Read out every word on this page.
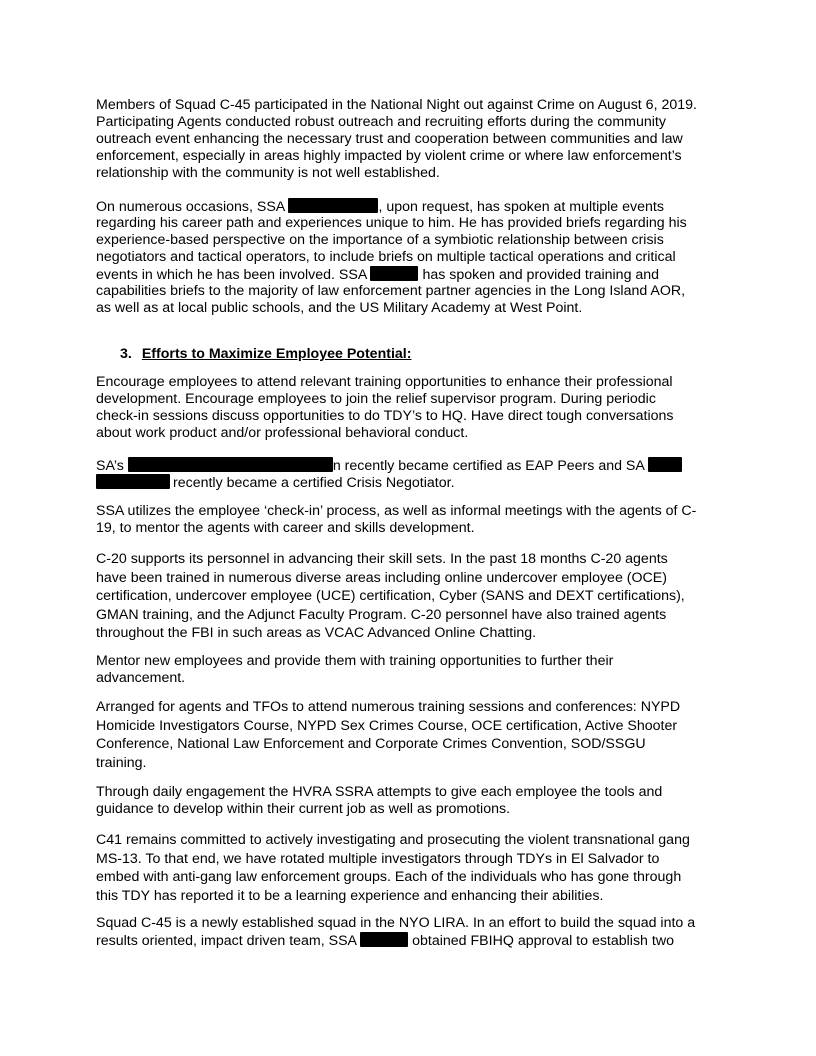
Members of Squad C-45 participated in the National Night out against Crime on August 6, 2019.
Participating Agents conducted robust outreach and recruiting efforts during the community
outreach event enhancing the necessary trust and cooperation between communities and law
enforcement, especially in areas highly impacted by violent crime or where law enforcement’s
relationship with the community is not well established.
On numerous occasions, SSA	, upon request, has spoken at multiple events
regarding his career path and experiences unique to him. He has provided briefs regarding his
experience-based perspective on the importance of a symbiotic relationship between crisis
negotiators and tactical operators, to include briefs on multiple tactical operations and critical
events in which he has been involved. SSA	has spoken and provided training and
capabilities briefs to the majority of law enforcement partner agencies in the Long Island AOR,
as well as at local public schools, and the US Military Academy at West Point.
3. Efforts to Maximize Employee Potential:
Encourage employees to attend relevant training opportunities to enhance their professional
development. Encourage employees to join the relief supervisor program. During periodic
check-in sessions discuss opportunities to do TDY’s to HQ. Have direct tough conversations
about work product and/or professional behavioral conduct.
SA’s	n recently became certified as EAP Peers and SA
recently became a certified Crisis Negotiator.
SSA utilizes the employee ‘check-in’ process, as well as informal meetings with the agents of C-
19, to mentor the agents with career and skills development.
C-20 supports its personnel in advancing their skill sets. In the past 18 months C-20 agents
have been trained in numerous diverse areas including online undercover employee (OCE)
certification, undercover employee (UCE) certification, Cyber (SANS and DEXT certifications),
GMAN training, and the Adjunct Faculty Program. C-20 personnel have also trained agents
throughout the FBI in such areas as VCAC Advanced Online Chatting.
Mentor new employees and provide them with training opportunities to further their
advancement.
Arranged for agents and TFOs to attend numerous training sessions and conferences: NYPD
Homicide Investigators Course, NYPD Sex Crimes Course, OCE certification, Active Shooter
Conference, National Law Enforcement and Corporate Crimes Convention, SOD/SSGU
training.
Through daily engagement the HVRA SSRA attempts to give each employee the tools and
guidance to develop within their current job as well as promotions.
C41 remains committed to actively investigating and prosecuting the violent transnational gang
MS-13. To that end, we have rotated multiple investigators through TDYs in El Salvador to
embed with anti-gang law enforcement groups. Each of the individuals who has gone through
this TDY has reported it to be a learning experience and enhancing their abilities.
Squad C-45 is a newly established squad in the NYO LIRA. In an effort to build the squad into a
results oriented, impact driven team, SSA	obtained FBIHQ approval to establish two
